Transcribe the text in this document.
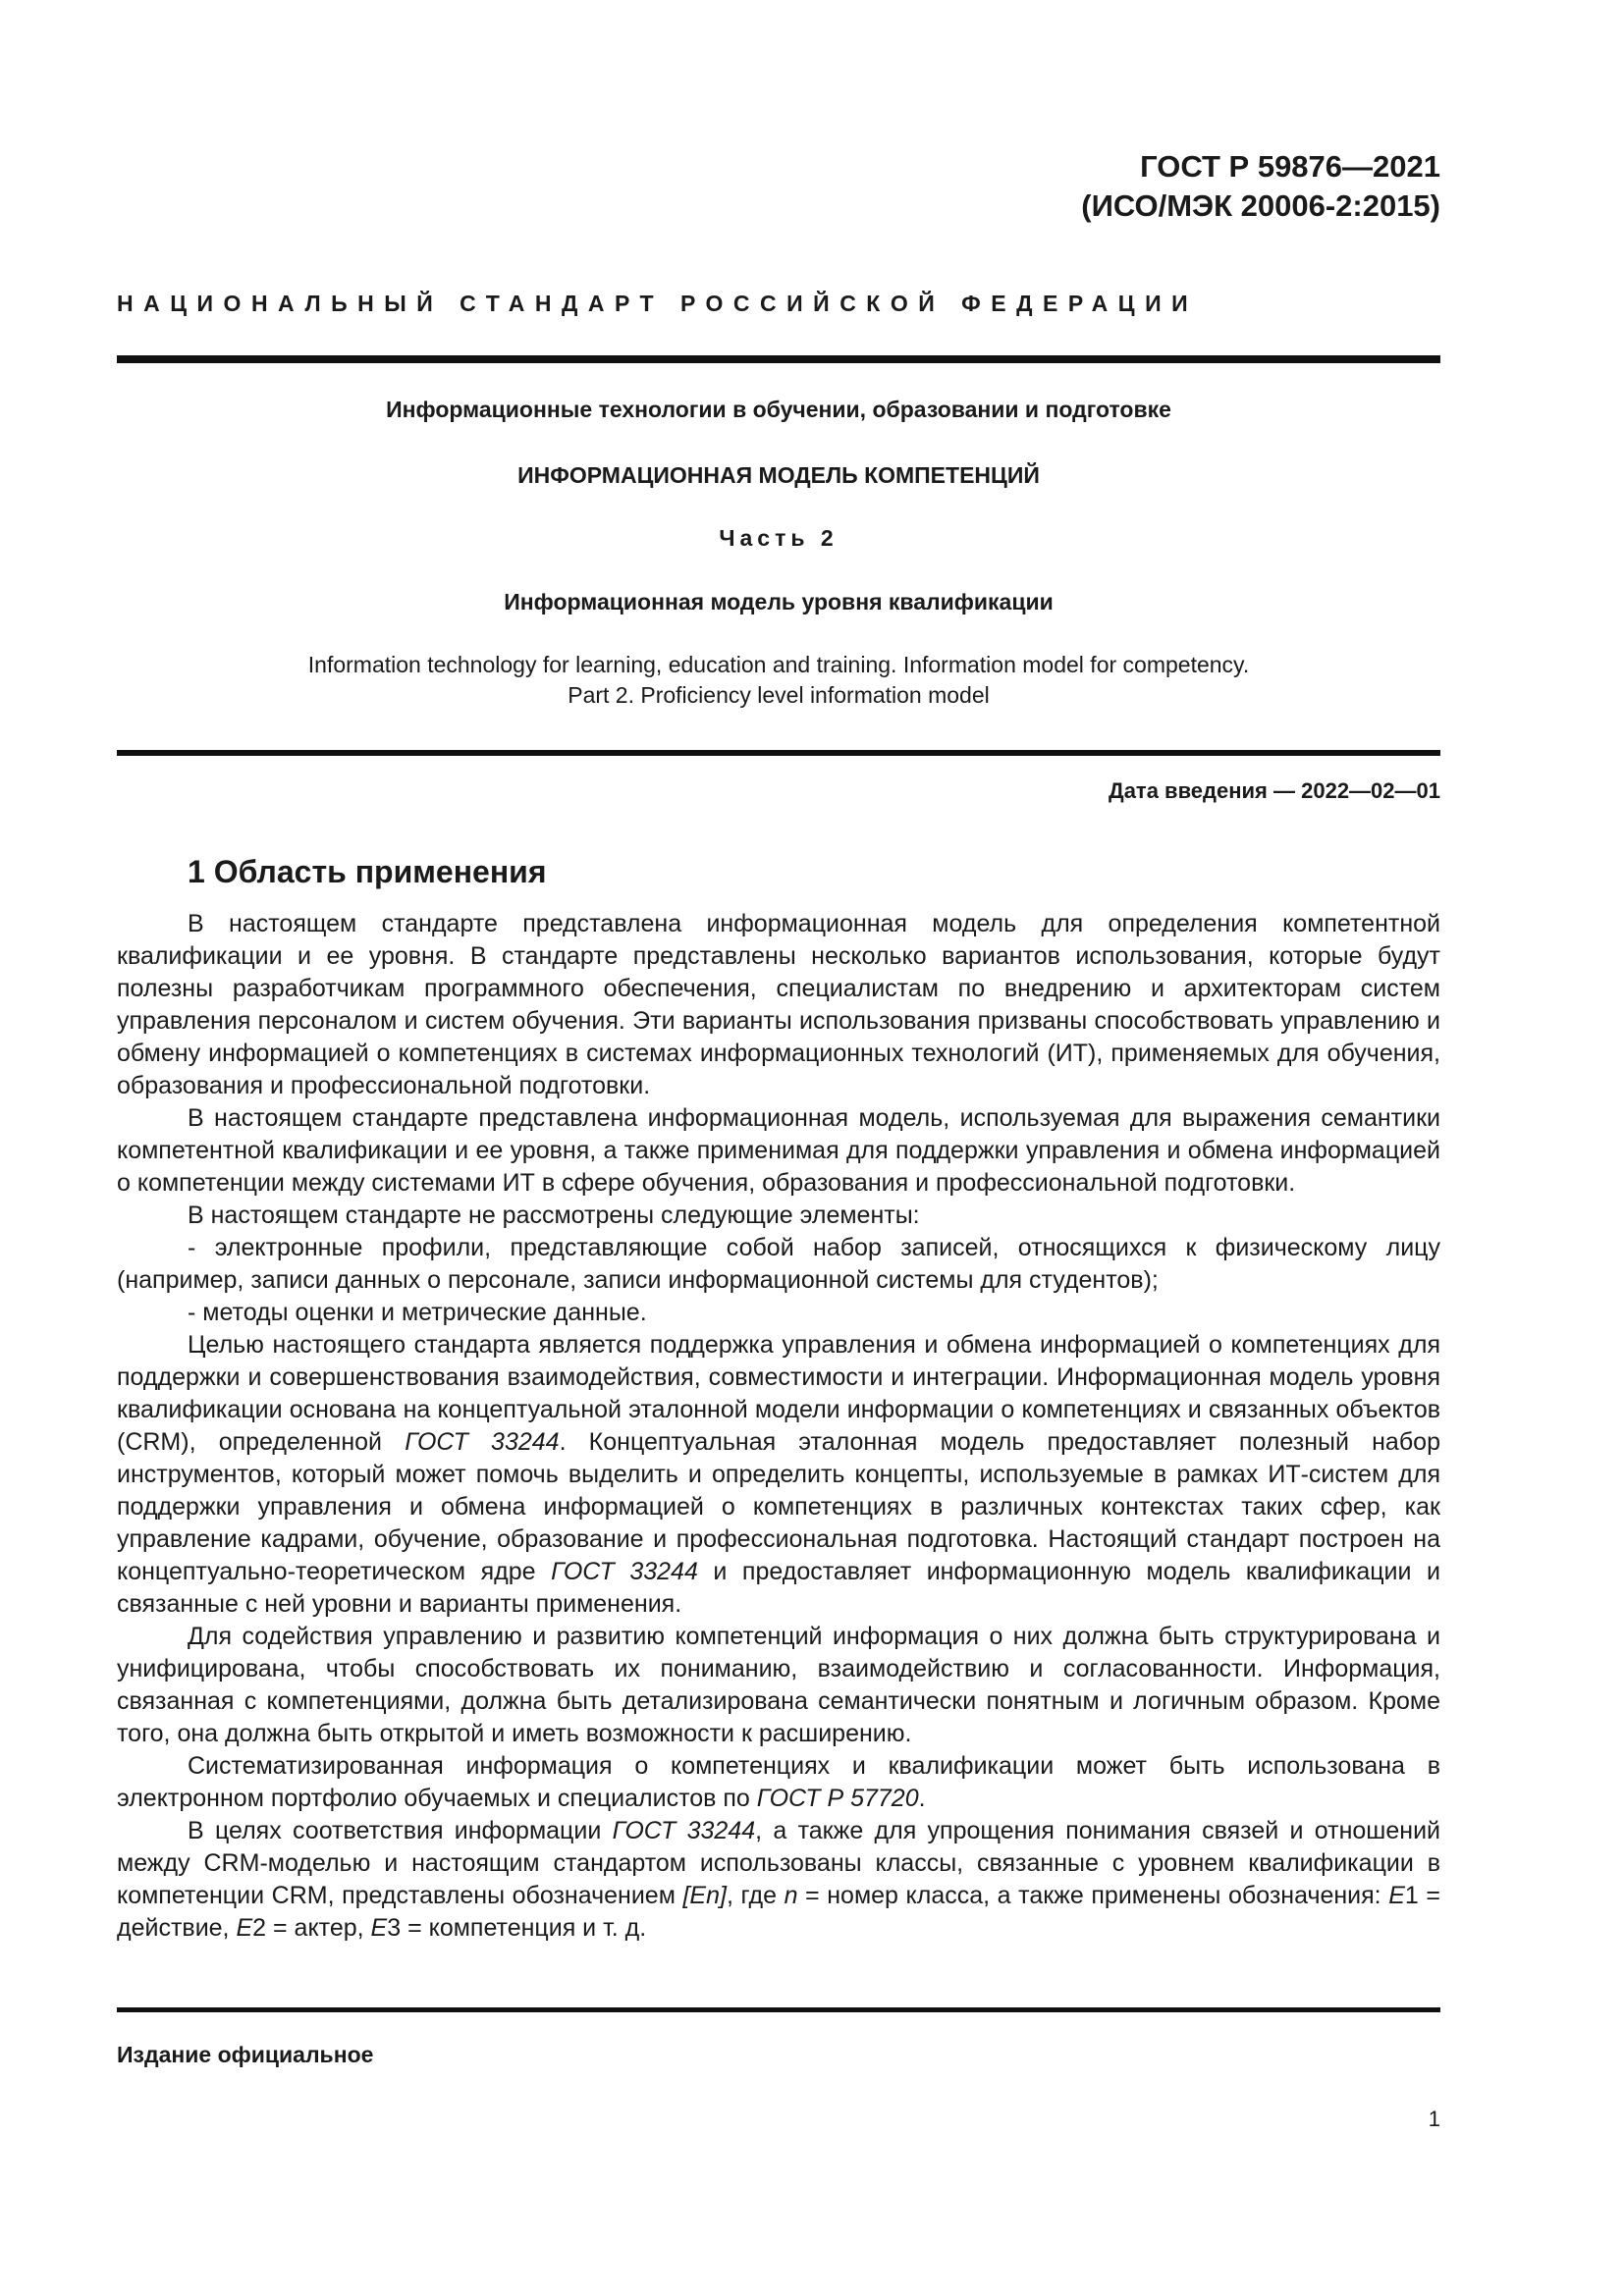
ГОСТ Р 59876—2021
(ИСО/МЭК 20006-2:2015)
НАЦИОНАЛЬНЫЙ СТАНДАРТ РОССИЙСКОЙ ФЕДЕРАЦИИ
Информационные технологии в обучении, образовании и подготовке
ИНФОРМАЦИОННАЯ МОДЕЛЬ КОМПЕТЕНЦИЙ
Часть 2
Информационная модель уровня квалификации
Information technology for learning, education and training. Information model for competency.
Part 2. Proficiency level information model
Дата введения — 2022—02—01
1 Область применения

В настоящем стандарте представлена информационная модель для определения компетентной квалификации и ее уровня. В стандарте представлены несколько вариантов использования, которые будут полезны разработчикам программного обеспечения, специалистам по внедрению и архитекторам систем управления персоналом и систем обучения. Эти варианты использования призваны способствовать управлению и обмену информацией о компетенциях в системах информационных технологий (ИТ), применяемых для обучения, образования и профессиональной подготовки.

В настоящем стандарте представлена информационная модель, используемая для выражения семантики компетентной квалификации и ее уровня, а также применимая для поддержки управления и обмена информацией о компетенции между системами ИТ в сфере обучения, образования и профессиональной подготовки.

В настоящем стандарте не рассмотрены следующие элементы:

- электронные профили, представляющие собой набор записей, относящихся к физическому лицу (например, записи данных о персонале, записи информационной системы для студентов);

- методы оценки и метрические данные.

Целью настоящего стандарта является поддержка управления и обмена информацией о компетенциях для поддержки и совершенствования взаимодействия, совместимости и интеграции. Информационная модель уровня квалификации основана на концептуальной эталонной модели информации о компетенциях и связанных объектов (CRM), определенной ГОСТ 33244. Концептуальная эталонная модель предоставляет полезный набор инструментов, который может помочь выделить и определить концепты, используемые в рамках ИТ-систем для поддержки управления и обмена информацией о компетенциях в различных контекстах таких сфер, как управление кадрами, обучение, образование и профессиональная подготовка. Настоящий стандарт построен на концептуально-теоретическом ядре ГОСТ 33244 и предоставляет информационную модель квалификации и связанные с ней уровни и варианты применения.

Для содействия управлению и развитию компетенций информация о них должна быть структурирована и унифицирована, чтобы способствовать их пониманию, взаимодействию и согласованности. Информация, связанная с компетенциями, должна быть детализирована семантически понятным и логичным образом. Кроме того, она должна быть открытой и иметь возможности к расширению.

Систематизированная информация о компетенциях и квалификации может быть использована в электронном портфолио обучаемых и специалистов по ГОСТ Р 57720.

В целях соответствия информации ГОСТ 33244, а также для упрощения понимания связей и отношений между CRM-моделью и настоящим стандартом использованы классы, связанные с уровнем квалификации в компетенции CRM, представлены обозначением [En], где n = номер класса, а также применены обозначения: E1 = действие, E2 = актер, E3 = компетенция и т. д.

Издание официальное
1
